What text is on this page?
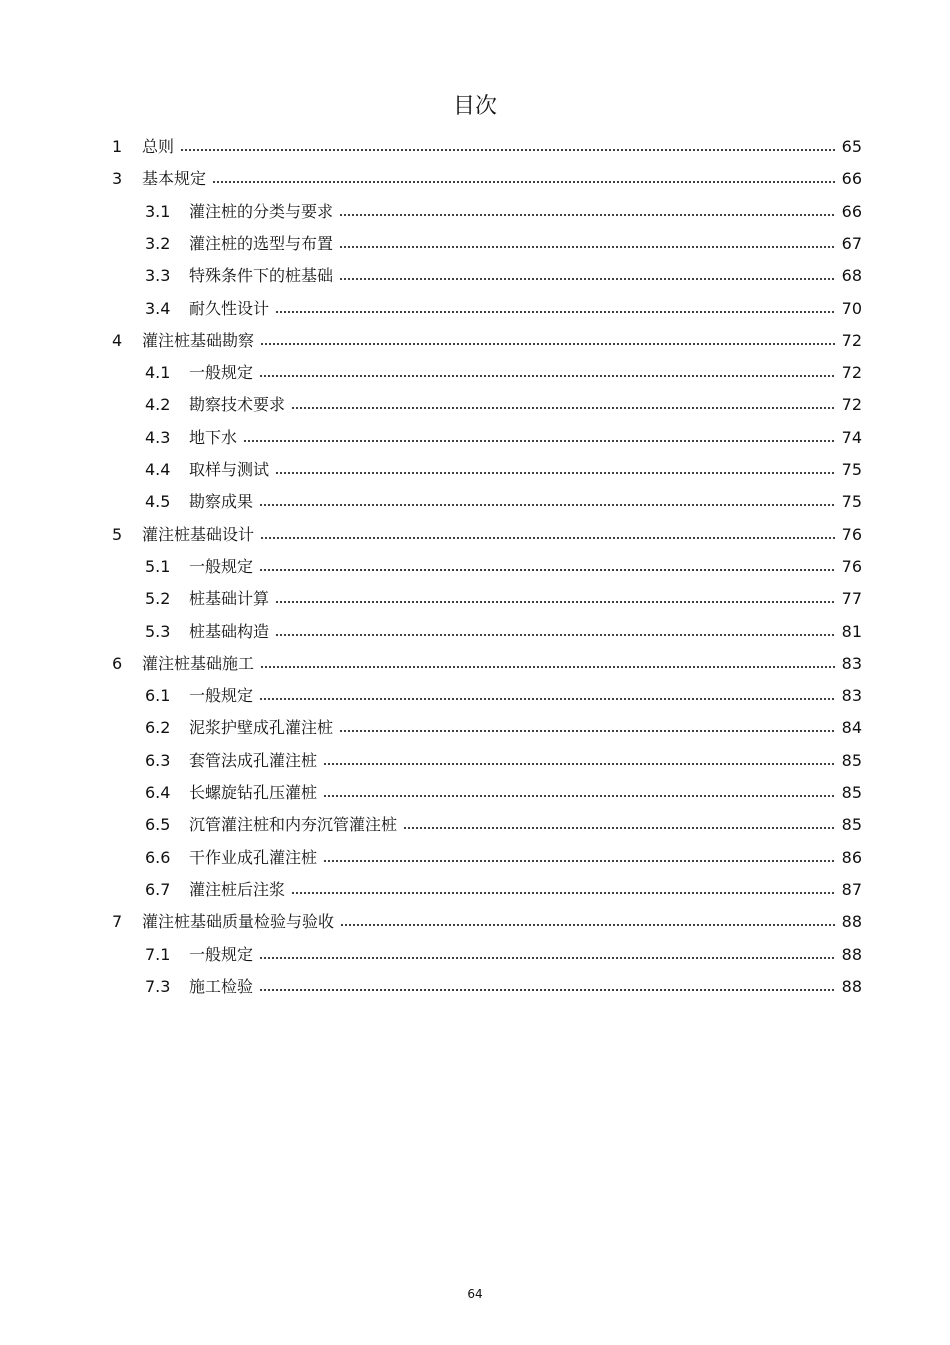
目次
1	总则	65
3	基本规定	66
3.1	灌注桩的分类与要求	66
3.2	灌注桩的选型与布置	67
3.3	特殊条件下的桩基础	68
3.4	耐久性设计	70
4	灌注桩基础勘察	72
4.1	一般规定	72
4.2	勘察技术要求	72
4.3	地下水	74
4.4	取样与测试	75
4.5	勘察成果	75
5	灌注桩基础设计	76
5.1	一般规定	76
5.2	桩基础计算	77
5.3	桩基础构造	81
6	灌注桩基础施工	83
6.1	一般规定	83
6.2	泥浆护壁成孔灌注桩	84
6.3	套管法成孔灌注桩	85
6.4	长螺旋钻孔压灌桩	85
6.5	沉管灌注桩和内夯沉管灌注桩	85
6.6	干作业成孔灌注桩	86
6.7	灌注桩后注浆	87
7	灌注桩基础质量检验与验收	88
7.1	一般规定	88
7.3	施工检验	88
64
